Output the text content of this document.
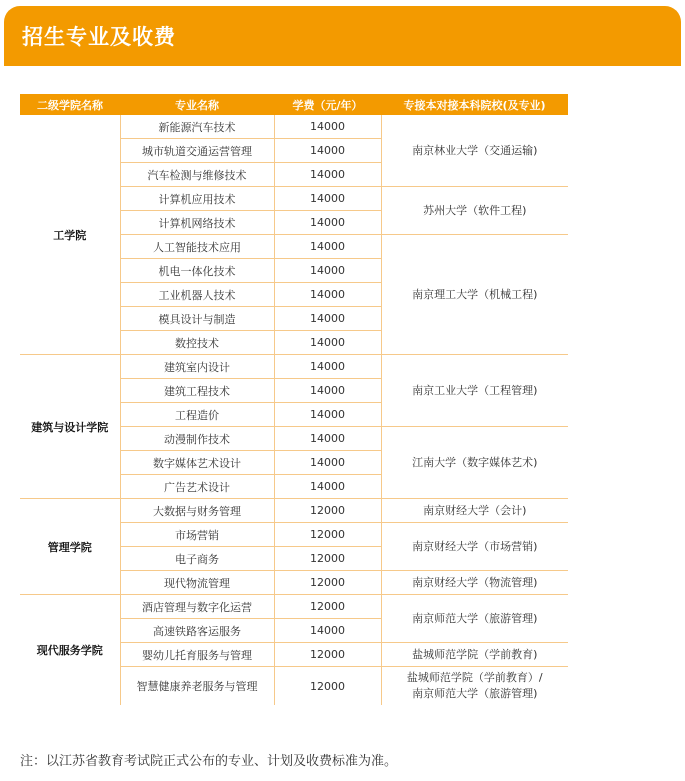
招生专业及收费
二级学院名称	专业名称	学费（元/年）	专接本对接本科院校(及专业)
工学院	新能源汽车技术	14000	南京林业大学（交通运输)
	城市轨道交通运营管理	14000	
	汽车检测与维修技术	14000	
	计算机应用技术	14000	苏州大学（软件工程)
	计算机网络技术	14000	
	人工智能技术应用	14000	南京理工大学（机械工程)
	机电一体化技术	14000	
	工业机器人技术	14000	
	模具设计与制造	14000	
	数控技术	14000	
建筑与设计学院	建筑室内设计	14000	南京工业大学（工程管理)
	建筑工程技术	14000	
	工程造价	14000	
	动漫制作技术	14000	江南大学（数字媒体艺术)
	数字媒体艺术设计	14000	
	广告艺术设计	14000	
管理学院	大数据与财务管理	12000	南京财经大学（会计)
	市场营销	12000	南京财经大学（市场营销)
	电子商务	12000	
	现代物流管理	12000	南京财经大学（物流管理)
现代服务学院	酒店管理与数字化运营	12000	南京师范大学（旅游管理)
	高速铁路客运服务	14000	
	婴幼儿托育服务与管理	12000	盐城师范学院（学前教育)
	智慧健康养老服务与管理	12000	盐城师范学院（学前教育）/
南京师范大学（旅游管理)
注：以江苏省教育考试院正式公布的专业、计划及收费标准为准。
